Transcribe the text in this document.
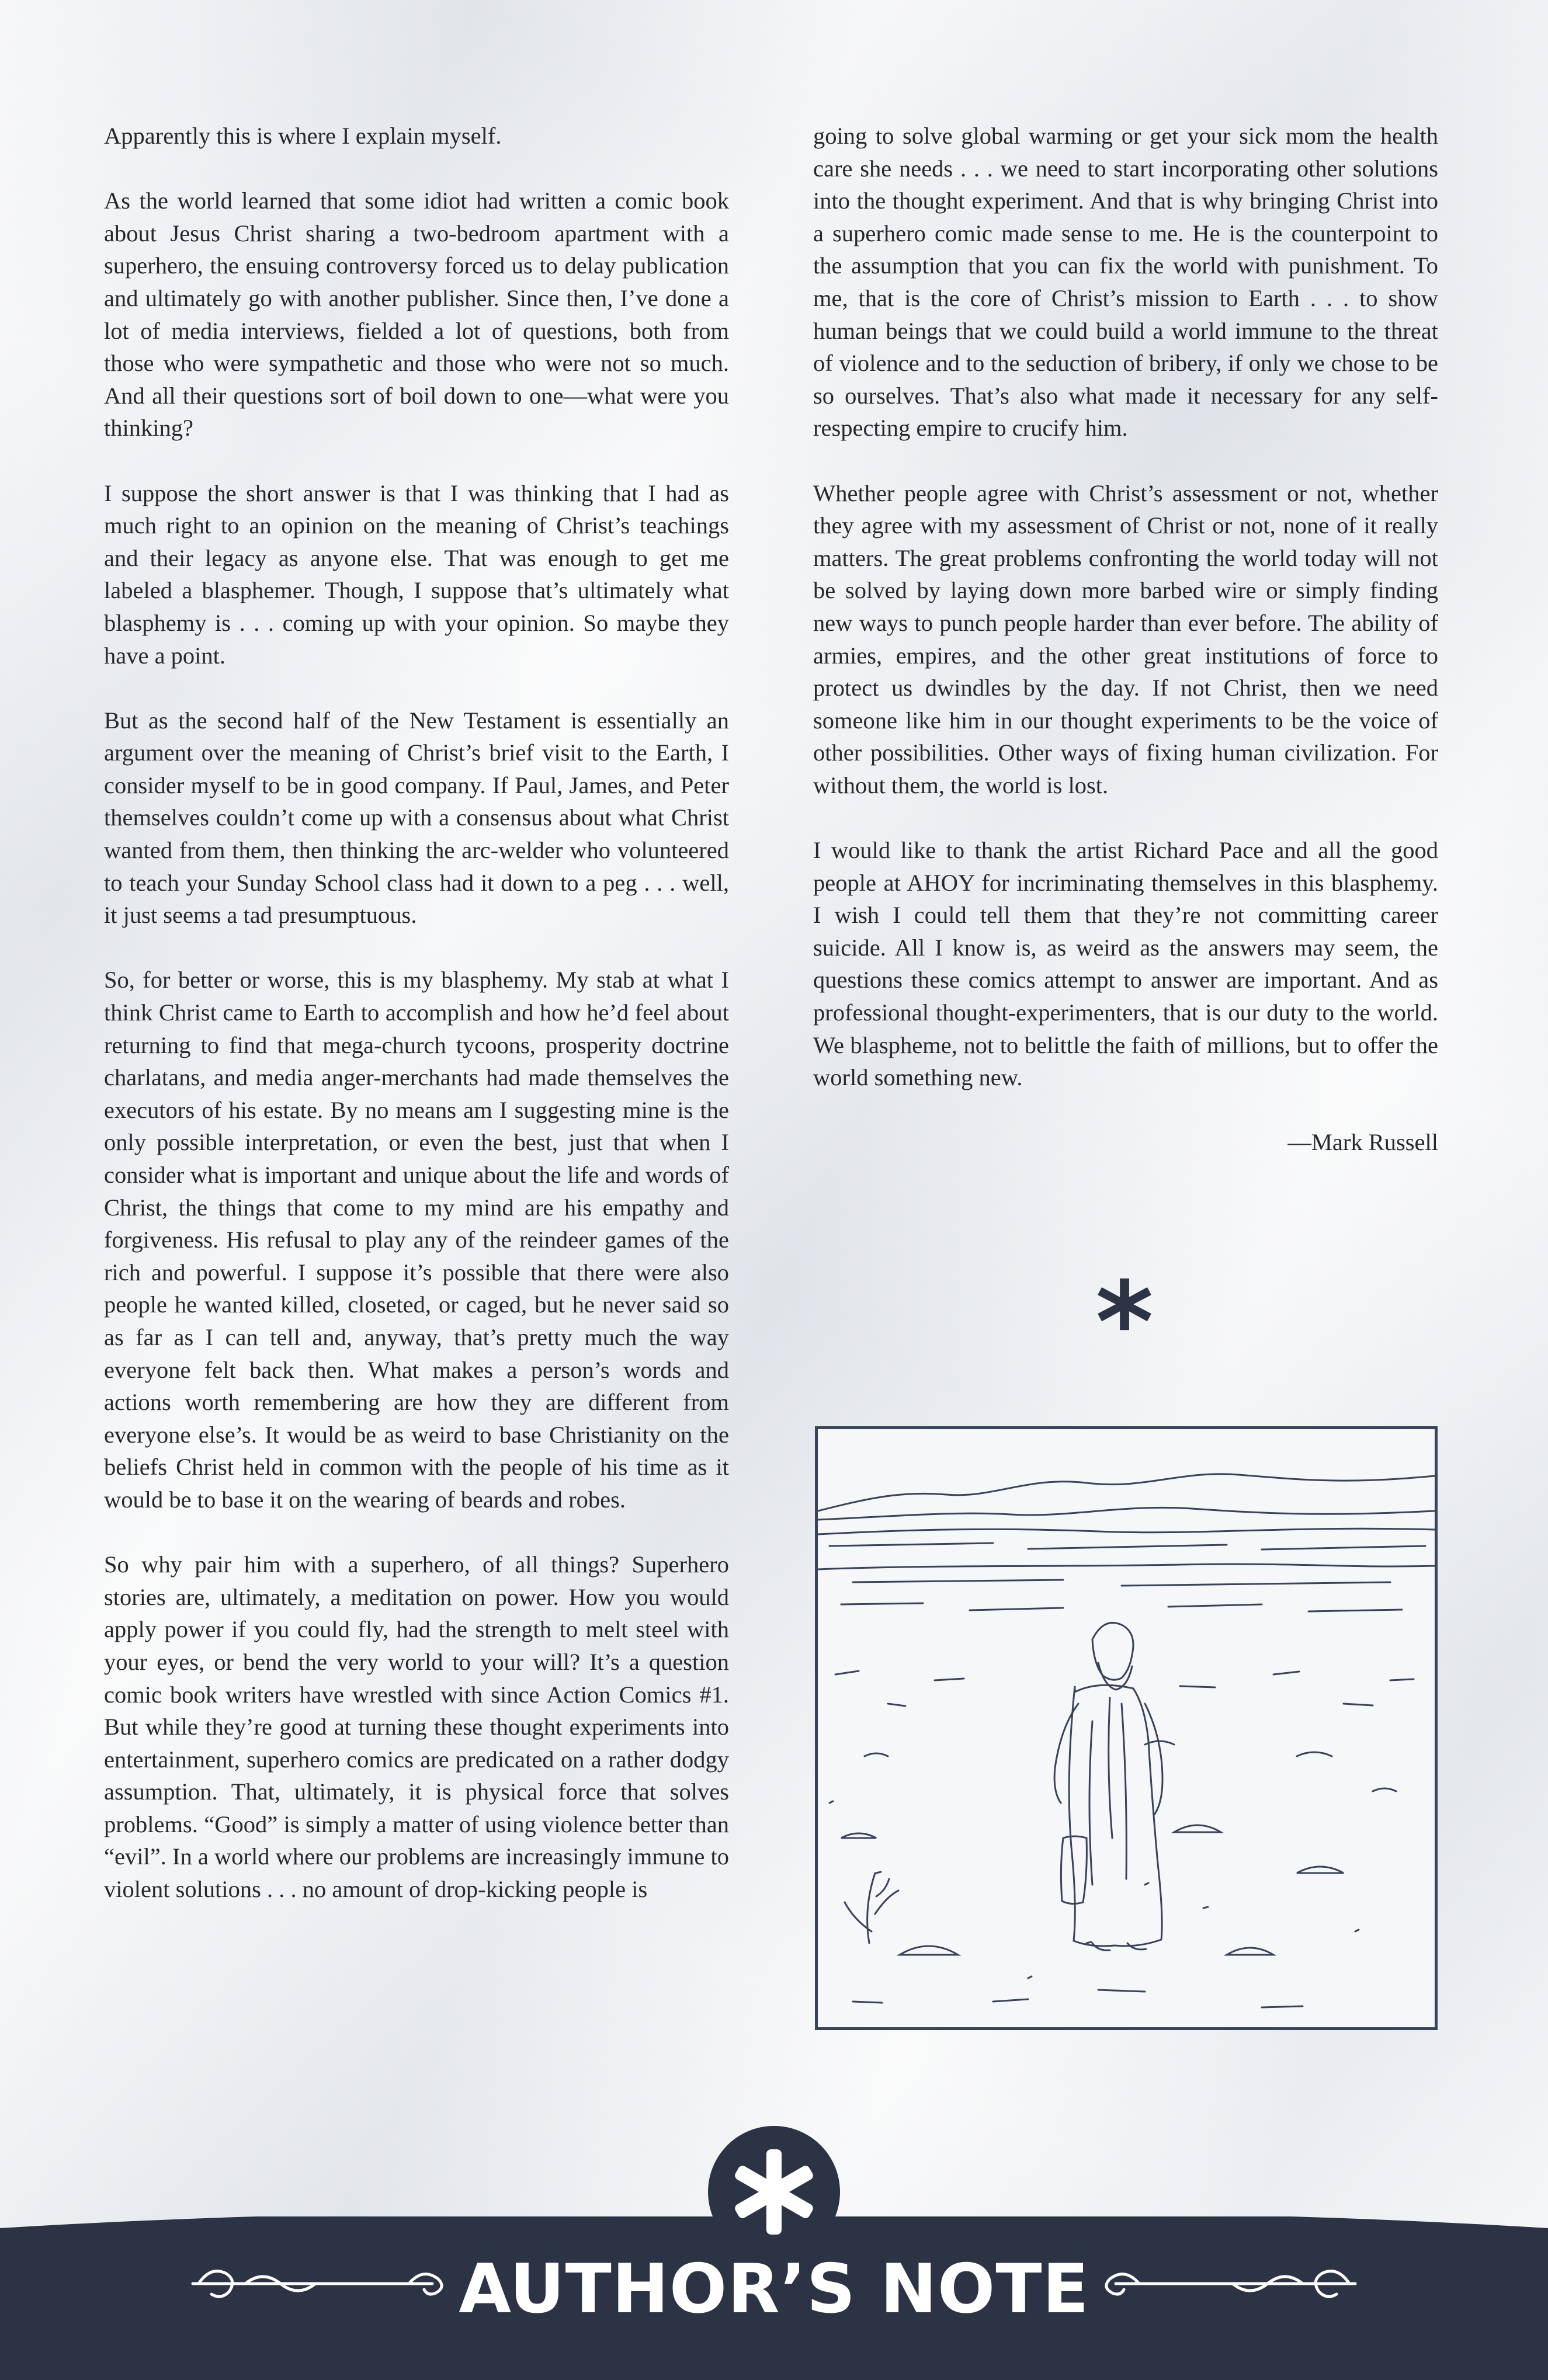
Apparently this is where I explain myself.

As the world learned that some idiot had written a comic book about Jesus Christ sharing a two-bedroom apartment with a superhero, the ensuing controversy forced us to delay publication and ultimately go with another publisher. Since then, I’ve done a lot of media interviews, fielded a lot of questions, both from those who were sympathetic and those who were not so much. And all their questions sort of boil down to one—what were you thinking?

I suppose the short answer is that I was thinking that I had as much right to an opinion on the meaning of Christ’s teachings and their legacy as anyone else. That was enough to get me labeled a blasphemer. Though, I suppose that’s ultimately what blasphemy is . . . coming up with your opinion. So maybe they have a point.

But as the second half of the New Testament is essentially an argument over the meaning of Christ’s brief visit to the Earth, I consider myself to be in good company. If Paul, James, and Peter themselves couldn’t come up with a consensus about what Christ wanted from them, then thinking the arc-welder who volunteered to teach your Sunday School class had it down to a peg . . . well, it just seems a tad presumptuous.

So, for better or worse, this is my blasphemy. My stab at what I think Christ came to Earth to accomplish and how he’d feel about returning to find that mega-church tycoons, prosperity doctrine charlatans, and media anger-merchants had made themselves the executors of his estate. By no means am I suggesting mine is the only possible interpretation, or even the best, just that when I consider what is important and unique about the life and words of Christ, the things that come to my mind are his empathy and forgiveness. His refusal to play any of the reindeer games of the rich and powerful. I suppose it’s possible that there were also people he wanted killed, closeted, or caged, but he never said so as far as I can tell and, anyway, that’s pretty much the way everyone felt back then. What makes a person’s words and actions worth remembering are how they are different from everyone else’s. It would be as weird to base Christianity on the beliefs Christ held in common with the people of his time as it would be to base it on the wearing of beards and robes.

So why pair him with a superhero, of all things? Superhero stories are, ultimately, a meditation on power. How you would apply power if you could fly, had the strength to melt steel with your eyes, or bend the very world to your will? It’s a question comic book writers have wrestled with since Action Comics #1. But while they’re good at turning these thought experiments into entertainment, superhero comics are predicated on a rather dodgy assumption. That, ultimately, it is physical force that solves problems. “Good” is simply a matter of using violence better than “evil”. In a world where our problems are increasingly immune to violent solutions . . . no amount of drop-kicking people is

going to solve global warming or get your sick mom the health care she needs . . . we need to start incorporating other solutions into the thought experiment. And that is why bringing Christ into a superhero comic made sense to me. He is the counterpoint to the assumption that you can fix the world with punishment. To me, that is the core of Christ’s mission to Earth . . . to show human beings that we could build a world immune to the threat of violence and to the seduction of bribery, if only we chose to be so ourselves. That’s also what made it necessary for any self-respecting empire to crucify him.

Whether people agree with Christ’s assessment or not, whether they agree with my assessment of Christ or not, none of it really matters. The great problems confronting the world today will not be solved by laying down more barbed wire or simply finding new ways to punch people harder than ever before. The ability of armies, empires, and the other great institutions of force to protect us dwindles by the day. If not Christ, then we need someone like him in our thought experiments to be the voice of other possibilities. Other ways of fixing human civilization. For without them, the world is lost.

I would like to thank the artist Richard Pace and all the good people at AHOY for incriminating themselves in this blasphemy. I wish I could tell them that they’re not committing career suicide. All I know is, as weird as the answers may seem, the questions these comics attempt to answer are important. And as professional thought-experimenters, that is our duty to the world. We blaspheme, not to belittle the faith of millions, but to offer the world something new.

—Mark Russell

*
AUTHOR’S NOTE
